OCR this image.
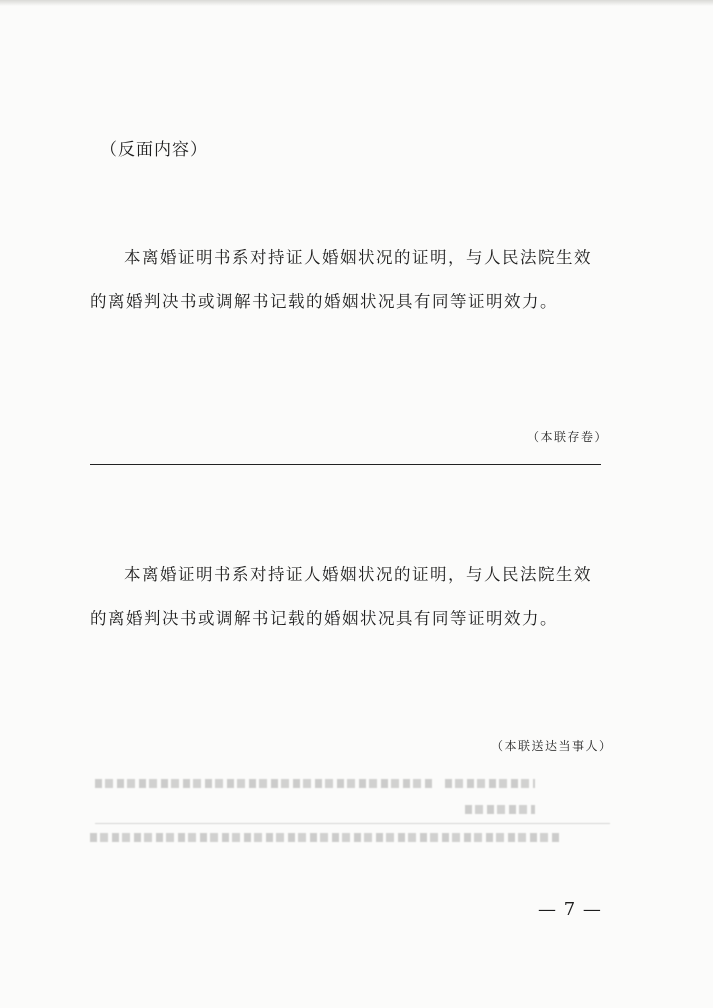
（反面内容）

本离婚证明书系对持证人婚姻状况的证明，与人民法院生效
的离婚判决书或调解书记载的婚姻状况具有同等证明效力。

（本联存卷）

本离婚证明书系对持证人婚姻状况的证明，与人民法院生效
的离婚判决书或调解书记载的婚姻状况具有同等证明效力。

（本联送达当事人）
— 7 —
